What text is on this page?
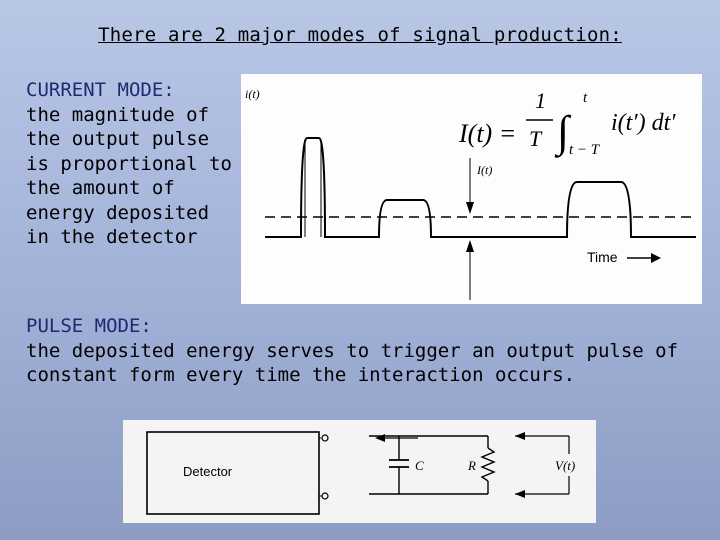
There are 2 major modes of signal production:
CURRENT MODE:
the magnitude of
the output pulse
is proportional to
the amount of
energy deposited
in the detector
i(t)
I(t) =
1
T ∫
t
t − T
i(t′) dt′
I(t)
Time
PULSE MODE:
the deposited energy serves to trigger an output pulse of
constant form every time the interaction occurs.
Detector	C	R	V(t)
